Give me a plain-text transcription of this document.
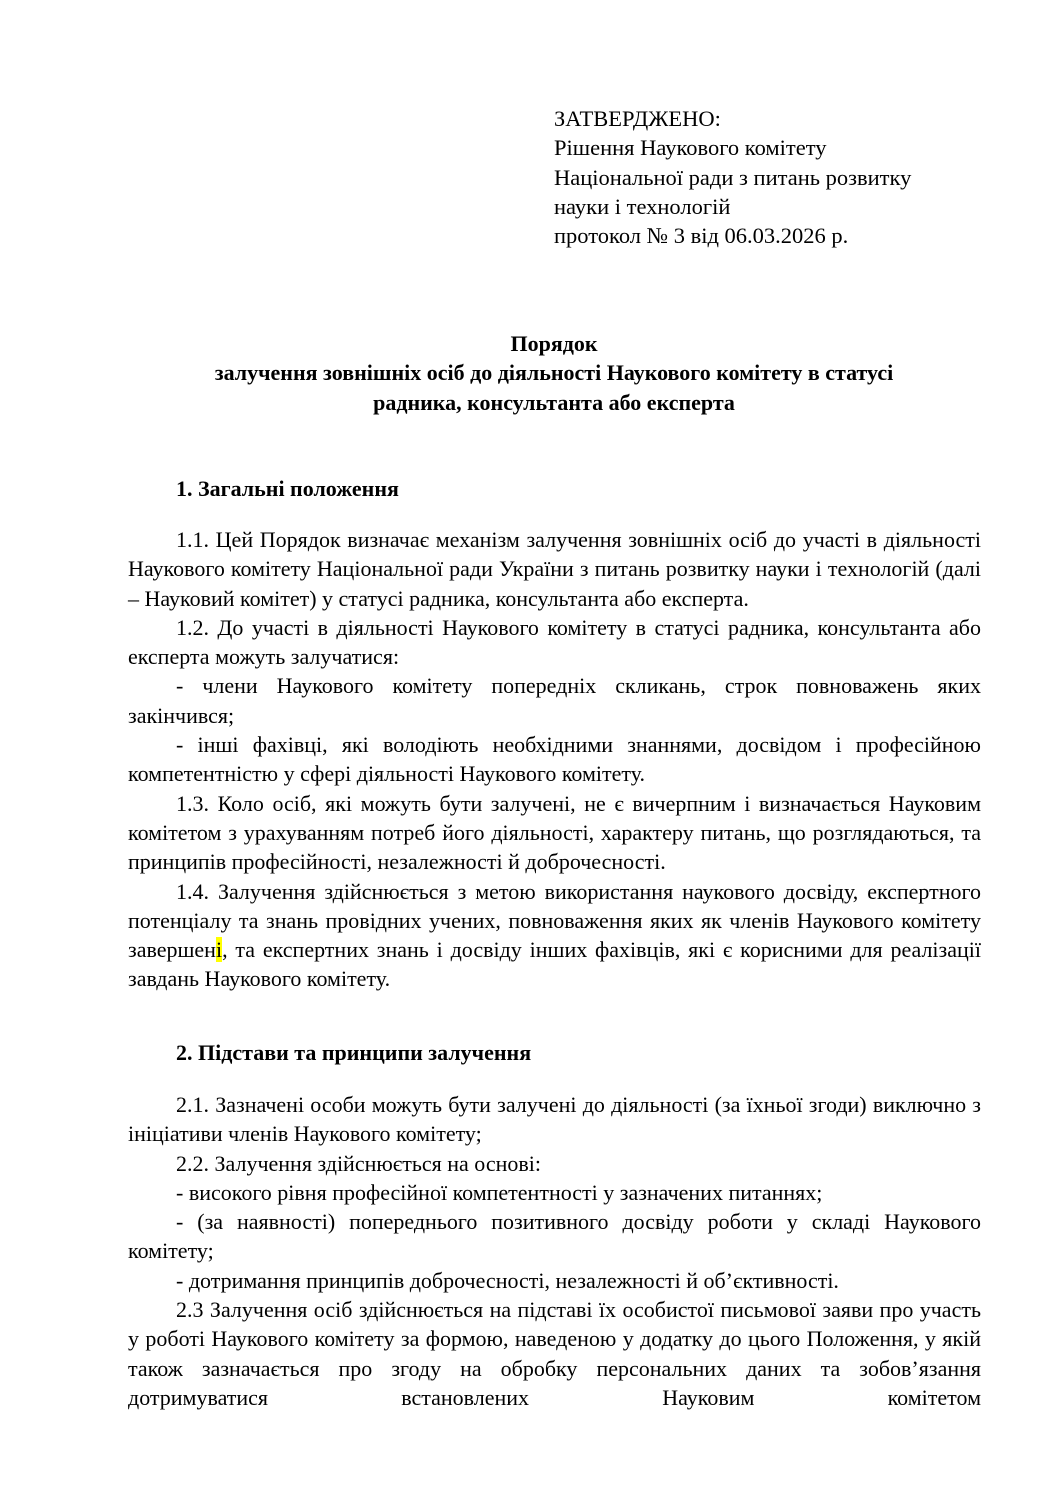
ЗАТВЕРДЖЕНО:
Рішення Наукового комітету
Національної ради з питань розвитку
науки і технологій
протокол № 3 від 06.03.2026 р.
Порядок
залучення зовнішніх осіб до діяльності Наукового комітету в статусі
радника, консультанта або експерта
1. Загальні положення

1.1. Цей Порядок визначає механізм залучення зовнішніх осіб до участі в діяльності Наукового комітету Національної ради України з питань розвитку науки і технологій (далі – Науковий комітет) у статусі радника, консультанта або експерта.

1.2. До участі в діяльності Наукового комітету в статусі радника, консультанта або експерта можуть залучатися:

- члени Наукового комітету попередніх скликань, строк повноважень яких закінчився;

- інші фахівці, які володіють необхідними знаннями, досвідом і професійною компетентністю у сфері діяльності Наукового комітету.

1.3. Коло осіб, які можуть бути залучені, не є вичерпним і визначається Науковим комітетом з урахуванням потреб його діяльності, характеру питань, що розглядаються, та принципів професійності, незалежності й доброчесності.

1.4. Залучення здійснюється з метою використання наукового досвіду, експертного потенціалу та знань провідних учених, повноваження яких як членів Наукового комітету завершені, та експертних знань і досвіду інших фахівців, які є корисними для реалізації завдань Наукового комітету.

2. Підстави та принципи залучення

2.1. Зазначені особи можуть бути залучені до діяльності (за їхньої згоди) виключно з ініціативи членів Наукового комітету;

2.2. Залучення здійснюється на основі:

- високого рівня професійної компетентності у зазначених питаннях;

- (за наявності) попереднього позитивного досвіду роботи у складі Наукового комітету;

- дотримання принципів доброчесності, незалежності й об’єктивності.

2.3 Залучення осіб здійснюється на підставі їх особистої письмової заяви про участь у роботі Наукового комітету за формою, наведеною у додатку до цього Положення, у якій також зазначається про згоду на обробку персональних даних та зобов’язання дотримуватися встановлених Науковим комітетом
